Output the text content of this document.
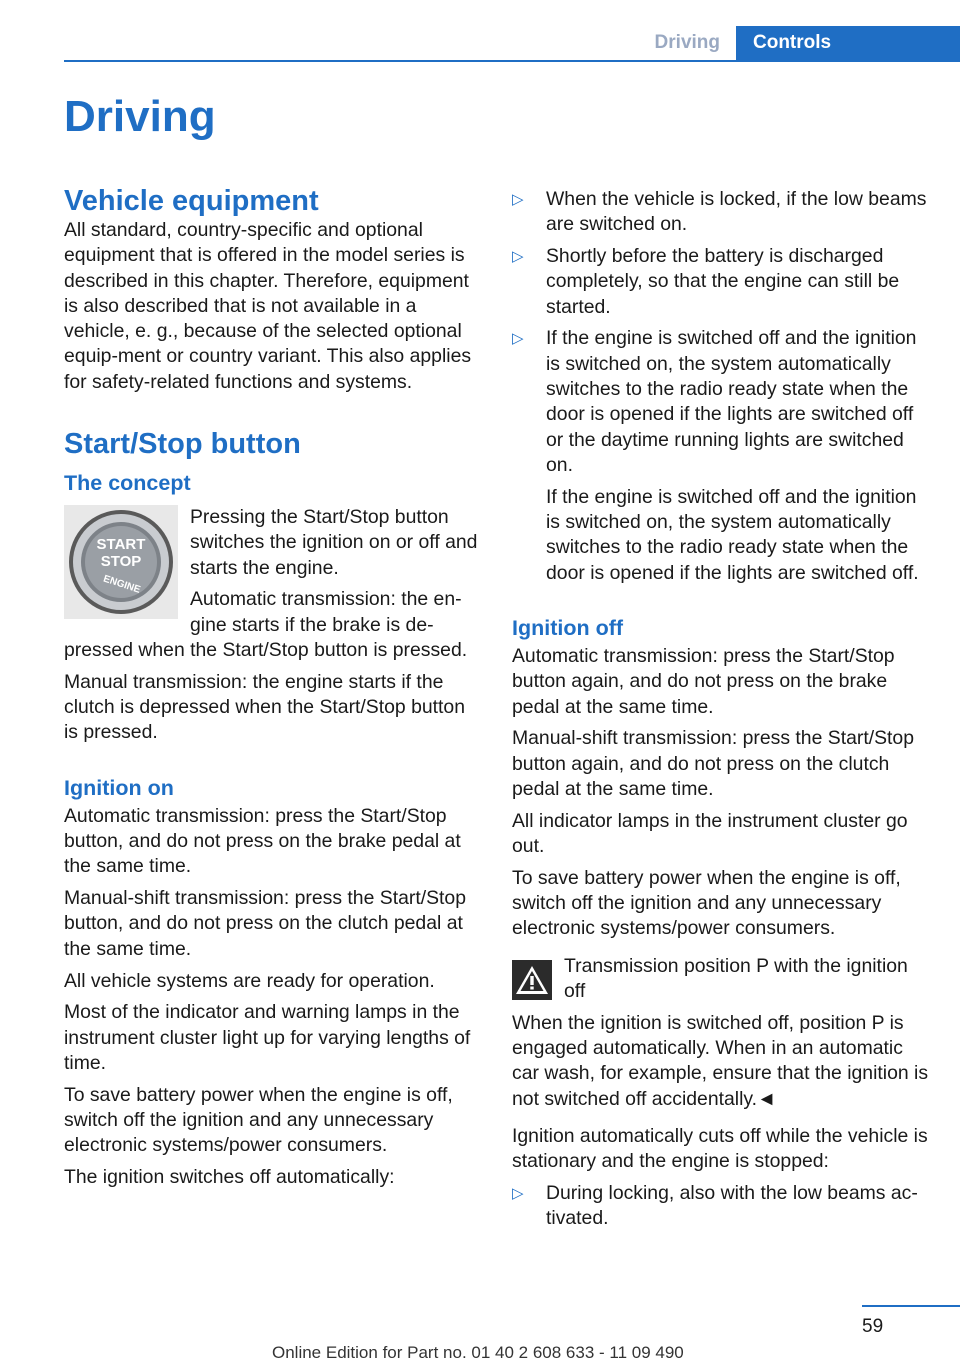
Driving	Controls
Driving
Vehicle equipment

All standard, country-specific and optional equipment that is offered in the model series is described in this chapter. Therefore, equipment is also described that is not available in a vehicle, e. g., because of the selected optional equip-ment or country variant. This also applies for safety-related functions and systems.

Start/Stop button
The concept
START
STOP
ENGINE

Pressing the Start/Stop button switches the ignition on or off and starts the engine.

Automatic transmission: the en-gine starts if the brake is de-pressed when the Start/Stop button is pressed.

Manual transmission: the engine starts if the clutch is depressed when the Start/Stop button is pressed.

Ignition on

Automatic transmission: press the Start/Stop button, and do not press on the brake pedal at the same time.

Manual-shift transmission: press the Start/Stop button, and do not press on the clutch pedal at the same time.

All vehicle systems are ready for operation.

Most of the indicator and warning lamps in the instrument cluster light up for varying lengths of time.

To save battery power when the engine is off, switch off the ignition and any unnecessary electronic systems/power consumers.

The ignition switches off automatically:

▷ When the vehicle is locked, if the low beams are switched on.
▷ Shortly before the battery is discharged completely, so that the engine can still be started.
▷ If the engine is switched off and the ignition is switched on, the system automatically switches to the radio ready state when the door is opened if the lights are switched off or the daytime running lights are switched on.

If the engine is switched off and the ignition is switched on, the system automatically switches to the radio ready state when the door is opened if the lights are switched off.

Ignition off

Automatic transmission: press the Start/Stop button again, and do not press on the brake pedal at the same time.

Manual-shift transmission: press the Start/Stop button again, and do not press on the clutch pedal at the same time.

All indicator lamps in the instrument cluster go out.

To save battery power when the engine is off, switch off the ignition and any unnecessary electronic systems/power consumers.

Transmission position P with the ignition off

When the ignition is switched off, position P is engaged automatically. When in an automatic car wash, for example, ensure that the ignition is not switched off accidentally.◄

Ignition automatically cuts off while the vehicle is stationary and the engine is stopped:

▷ During locking, also with the low beams ac-tivated.
59
Online Edition for Part no. 01 40 2 608 633 - 11 09 490
